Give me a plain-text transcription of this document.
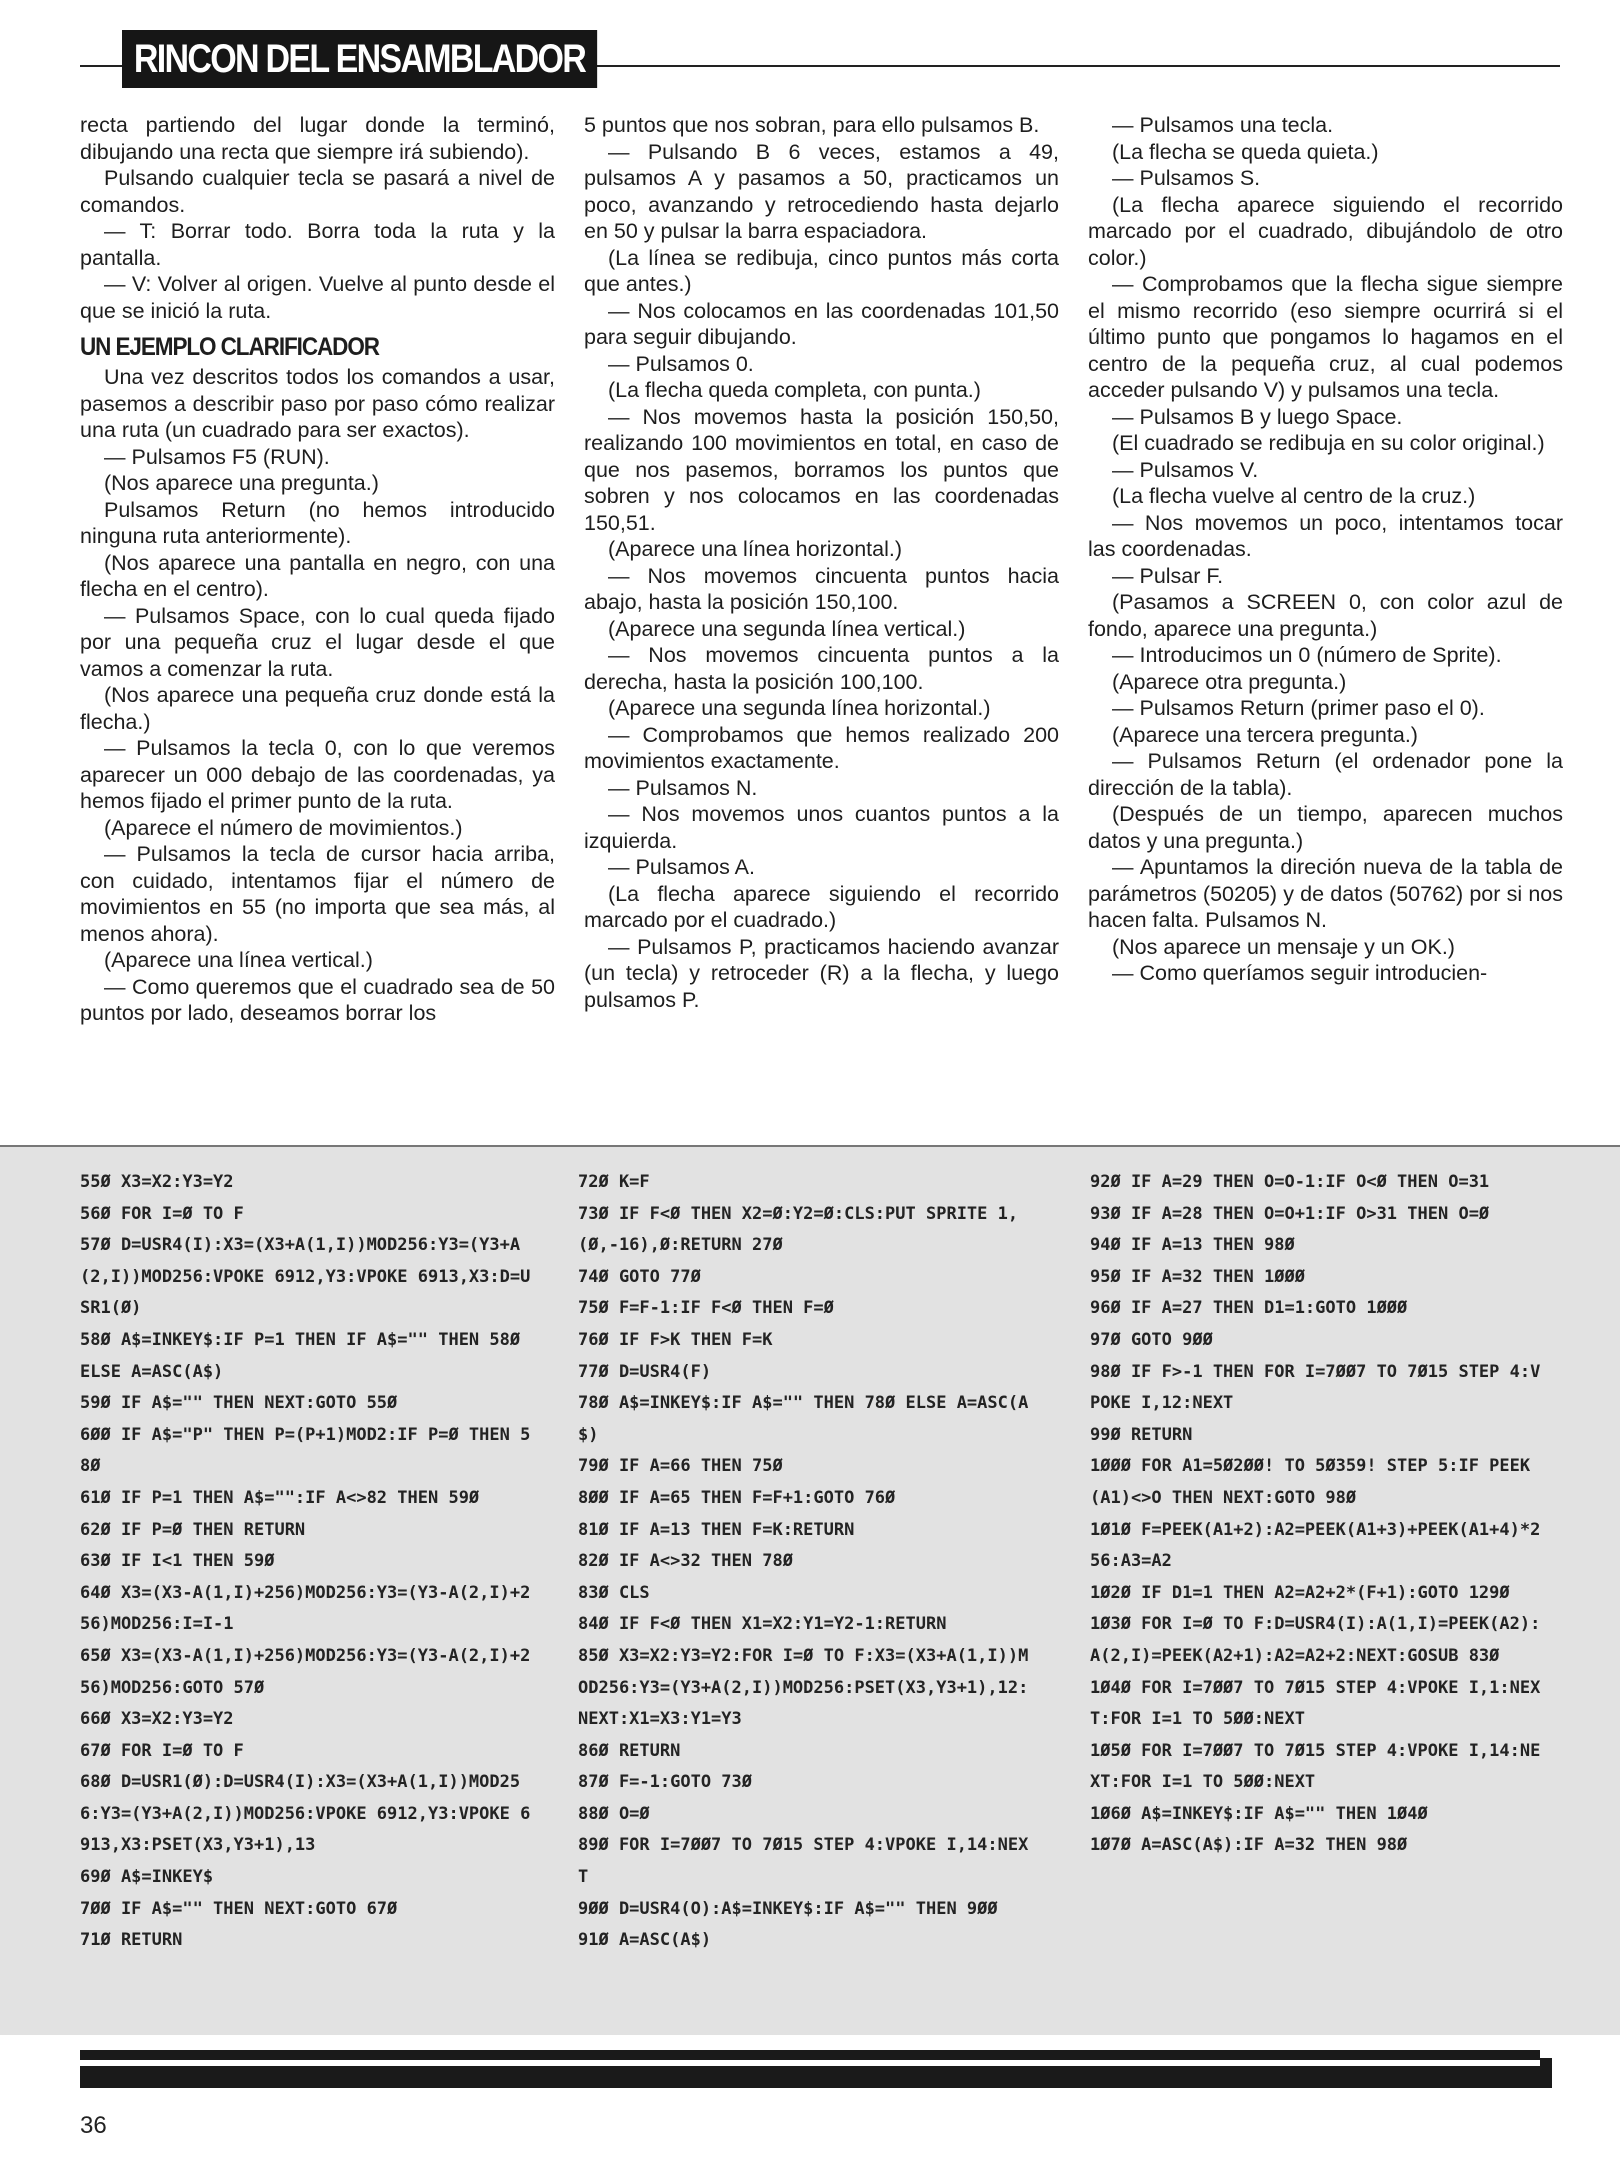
RINCON DEL ENSAMBLADOR

recta partiendo del lugar donde la terminó, dibujando una recta que siempre irá subiendo).

Pulsando cualquier tecla se pasará a nivel de comandos.

— T: Borrar todo. Borra toda la ruta y la pantalla.

— V: Volver al origen. Vuelve al punto desde el que se inició la ruta.

UN EJEMPLO CLARIFICADOR

Una vez descritos todos los comandos a usar, pasemos a describir paso por paso cómo realizar una ruta (un cuadrado para ser exactos).

— Pulsamos F5 (RUN).

(Nos aparece una pregunta.)

Pulsamos Return (no hemos introducido ninguna ruta anteriormente).

(Nos aparece una pantalla en negro, con una flecha en el centro).

— Pulsamos Space, con lo cual queda fijado por una pequeña cruz el lugar desde el que vamos a comenzar la ruta.

(Nos aparece una pequeña cruz donde está la flecha.)

— Pulsamos la tecla 0, con lo que veremos aparecer un 000 debajo de las coordenadas, ya hemos fijado el primer punto de la ruta.

(Aparece el número de movimientos.)

— Pulsamos la tecla de cursor hacia arriba, con cuidado, intentamos fijar el número de movimientos en 55 (no importa que sea más, al menos ahora).

(Aparece una línea vertical.)

— Como queremos que el cuadrado sea de 50 puntos por lado, deseamos borrar los

5 puntos que nos sobran, para ello pulsamos B.

— Pulsando B 6 veces, estamos a 49, pulsamos A y pasamos a 50, practicamos un poco, avanzando y retrocediendo hasta dejarlo en 50 y pulsar la barra espaciadora.

(La línea se redibuja, cinco puntos más corta que antes.)

— Nos colocamos en las coordenadas 101,50 para seguir dibujando.

— Pulsamos 0.

(La flecha queda completa, con punta.)

— Nos movemos hasta la posición 150,50, realizando 100 movimientos en total, en caso de que nos pasemos, borramos los puntos que sobren y nos colocamos en las coordenadas 150,51.

(Aparece una línea horizontal.)

— Nos movemos cincuenta puntos hacia abajo, hasta la posición 150,100.

(Aparece una segunda línea vertical.)

— Nos movemos cincuenta puntos a la derecha, hasta la posición 100,100.

(Aparece una segunda línea horizontal.)

— Comprobamos que hemos realizado 200 movimientos exactamente.

— Pulsamos N.

— Nos movemos unos cuantos puntos a la izquierda.

— Pulsamos A.

(La flecha aparece siguiendo el recorrido marcado por el cuadrado.)

— Pulsamos P, practicamos haciendo avanzar (un tecla) y retroceder (R) a la flecha, y luego pulsamos P.

— Pulsamos una tecla.

(La flecha se queda quieta.)

— Pulsamos S.

(La flecha aparece siguiendo el recorrido marcado por el cuadrado, dibujándolo de otro color.)

— Comprobamos que la flecha sigue siempre el mismo recorrido (eso siempre ocurrirá si el último punto que pongamos lo hagamos en el centro de la pequeña cruz, al cual podemos acceder pulsando V) y pulsamos una tecla.

— Pulsamos B y luego Space.

(El cuadrado se redibuja en su color original.)

— Pulsamos V.

(La flecha vuelve al centro de la cruz.)

— Nos movemos un poco, intentamos tocar las coordenadas.

— Pulsar F.

(Pasamos a SCREEN 0, con color azul de fondo, aparece una pregunta.)

— Introducimos un 0 (número de Sprite).

(Aparece otra pregunta.)

— Pulsamos Return (primer paso el 0).

(Aparece una tercera pregunta.)

— Pulsamos Return (el ordenador pone la dirección de la tabla).

(Después de un tiempo, aparecen muchos datos y una pregunta.)

— Apuntamos la direción nueva de la tabla de parámetros (50205) y de datos (50762) por si nos hacen falta. Pulsamos N.

(Nos aparece un mensaje y un OK.)

— Como queríamos seguir introducien-

55Ø X3=X2:Y3=Y2
56Ø FOR I=Ø TO F
57Ø D=USR4(I):X3=(X3+A(1,I))MOD256:Y3=(Y3+A(2,I))MOD256:VPOKE 6912,Y3:VPOKE 6913,X3:D=USR1(Ø)
58Ø A$=INKEY$:IF P=1 THEN IF A$="" THEN 58Ø ELSE A=ASC(A$)
59Ø IF A$="" THEN NEXT:GOTO 55Ø
6ØØ IF A$="P" THEN P=(P+1)MOD2:IF P=Ø THEN 58Ø
61Ø IF P=1 THEN A$="":IF A<>82 THEN 59Ø
62Ø IF P=Ø THEN RETURN
63Ø IF I<1 THEN 59Ø
64Ø X3=(X3-A(1,I)+256)MOD256:Y3=(Y3-A(2,I)+256)MOD256:I=I-1
65Ø X3=(X3-A(1,I)+256)MOD256:Y3=(Y3-A(2,I)+256)MOD256:GOTO 57Ø
66Ø X3=X2:Y3=Y2
67Ø FOR I=Ø TO F
68Ø D=USR1(Ø):D=USR4(I):X3=(X3+A(1,I))MOD256:Y3=(Y3+A(2,I))MOD256:VPOKE 6912,Y3:VPOKE 6913,X3:PSET(X3,Y3+1),13
69Ø A$=INKEY$
7ØØ IF A$="" THEN NEXT:GOTO 67Ø
71Ø RETURN
72Ø K=F
73Ø IF F<Ø THEN X2=Ø:Y2=Ø:CLS:PUT SPRITE 1,(Ø,-16),Ø:RETURN 27Ø
74Ø GOTO 77Ø
75Ø F=F-1:IF F<Ø THEN F=Ø
76Ø IF F>K THEN F=K
77Ø D=USR4(F)
78Ø A$=INKEY$:IF A$="" THEN 78Ø ELSE A=ASC(A$)
79Ø IF A=66 THEN 75Ø
8ØØ IF A=65 THEN F=F+1:GOTO 76Ø
81Ø IF A=13 THEN F=K:RETURN
82Ø IF A<>32 THEN 78Ø
83Ø CLS
84Ø IF F<Ø THEN X1=X2:Y1=Y2-1:RETURN
85Ø X3=X2:Y3=Y2:FOR I=Ø TO F:X3=(X3+A(1,I))MOD256:Y3=(Y3+A(2,I))MOD256:PSET(X3,Y3+1),12:NEXT:X1=X3:Y1=Y3
86Ø RETURN
87Ø F=-1:GOTO 73Ø
88Ø O=Ø
89Ø FOR I=7ØØ7 TO 7Ø15 STEP 4:VPOKE I,14:NEXT
9ØØ D=USR4(O):A$=INKEY$:IF A$="" THEN 9ØØ
91Ø A=ASC(A$)
92Ø IF A=29 THEN O=O-1:IF O<Ø THEN O=31
93Ø IF A=28 THEN O=O+1:IF O>31 THEN O=Ø
94Ø IF A=13 THEN 98Ø
95Ø IF A=32 THEN 1ØØØ
96Ø IF A=27 THEN D1=1:GOTO 1ØØØ
97Ø GOTO 9ØØ
98Ø IF F>-1 THEN FOR I=7ØØ7 TO 7Ø15 STEP 4:VPOKE I,12:NEXT
99Ø RETURN
1ØØØ FOR A1=5Ø2ØØ! TO 5Ø359! STEP 5:IF PEEK(A1)<>O THEN NEXT:GOTO 98Ø
1Ø1Ø F=PEEK(A1+2):A2=PEEK(A1+3)+PEEK(A1+4)*256:A3=A2
1Ø2Ø IF D1=1 THEN A2=A2+2*(F+1):GOTO 129Ø
1Ø3Ø FOR I=Ø TO F:D=USR4(I):A(1,I)=PEEK(A2):A(2,I)=PEEK(A2+1):A2=A2+2:NEXT:GOSUB 83Ø
1Ø4Ø FOR I=7ØØ7 TO 7Ø15 STEP 4:VPOKE I,1:NEXT:FOR I=1 TO 5ØØ:NEXT
1Ø5Ø FOR I=7ØØ7 TO 7Ø15 STEP 4:VPOKE I,14:NEXT:FOR I=1 TO 5ØØ:NEXT
1Ø6Ø A$=INKEY$:IF A$="" THEN 1Ø4Ø
1Ø7Ø A=ASC(A$):IF A=32 THEN 98Ø
36
